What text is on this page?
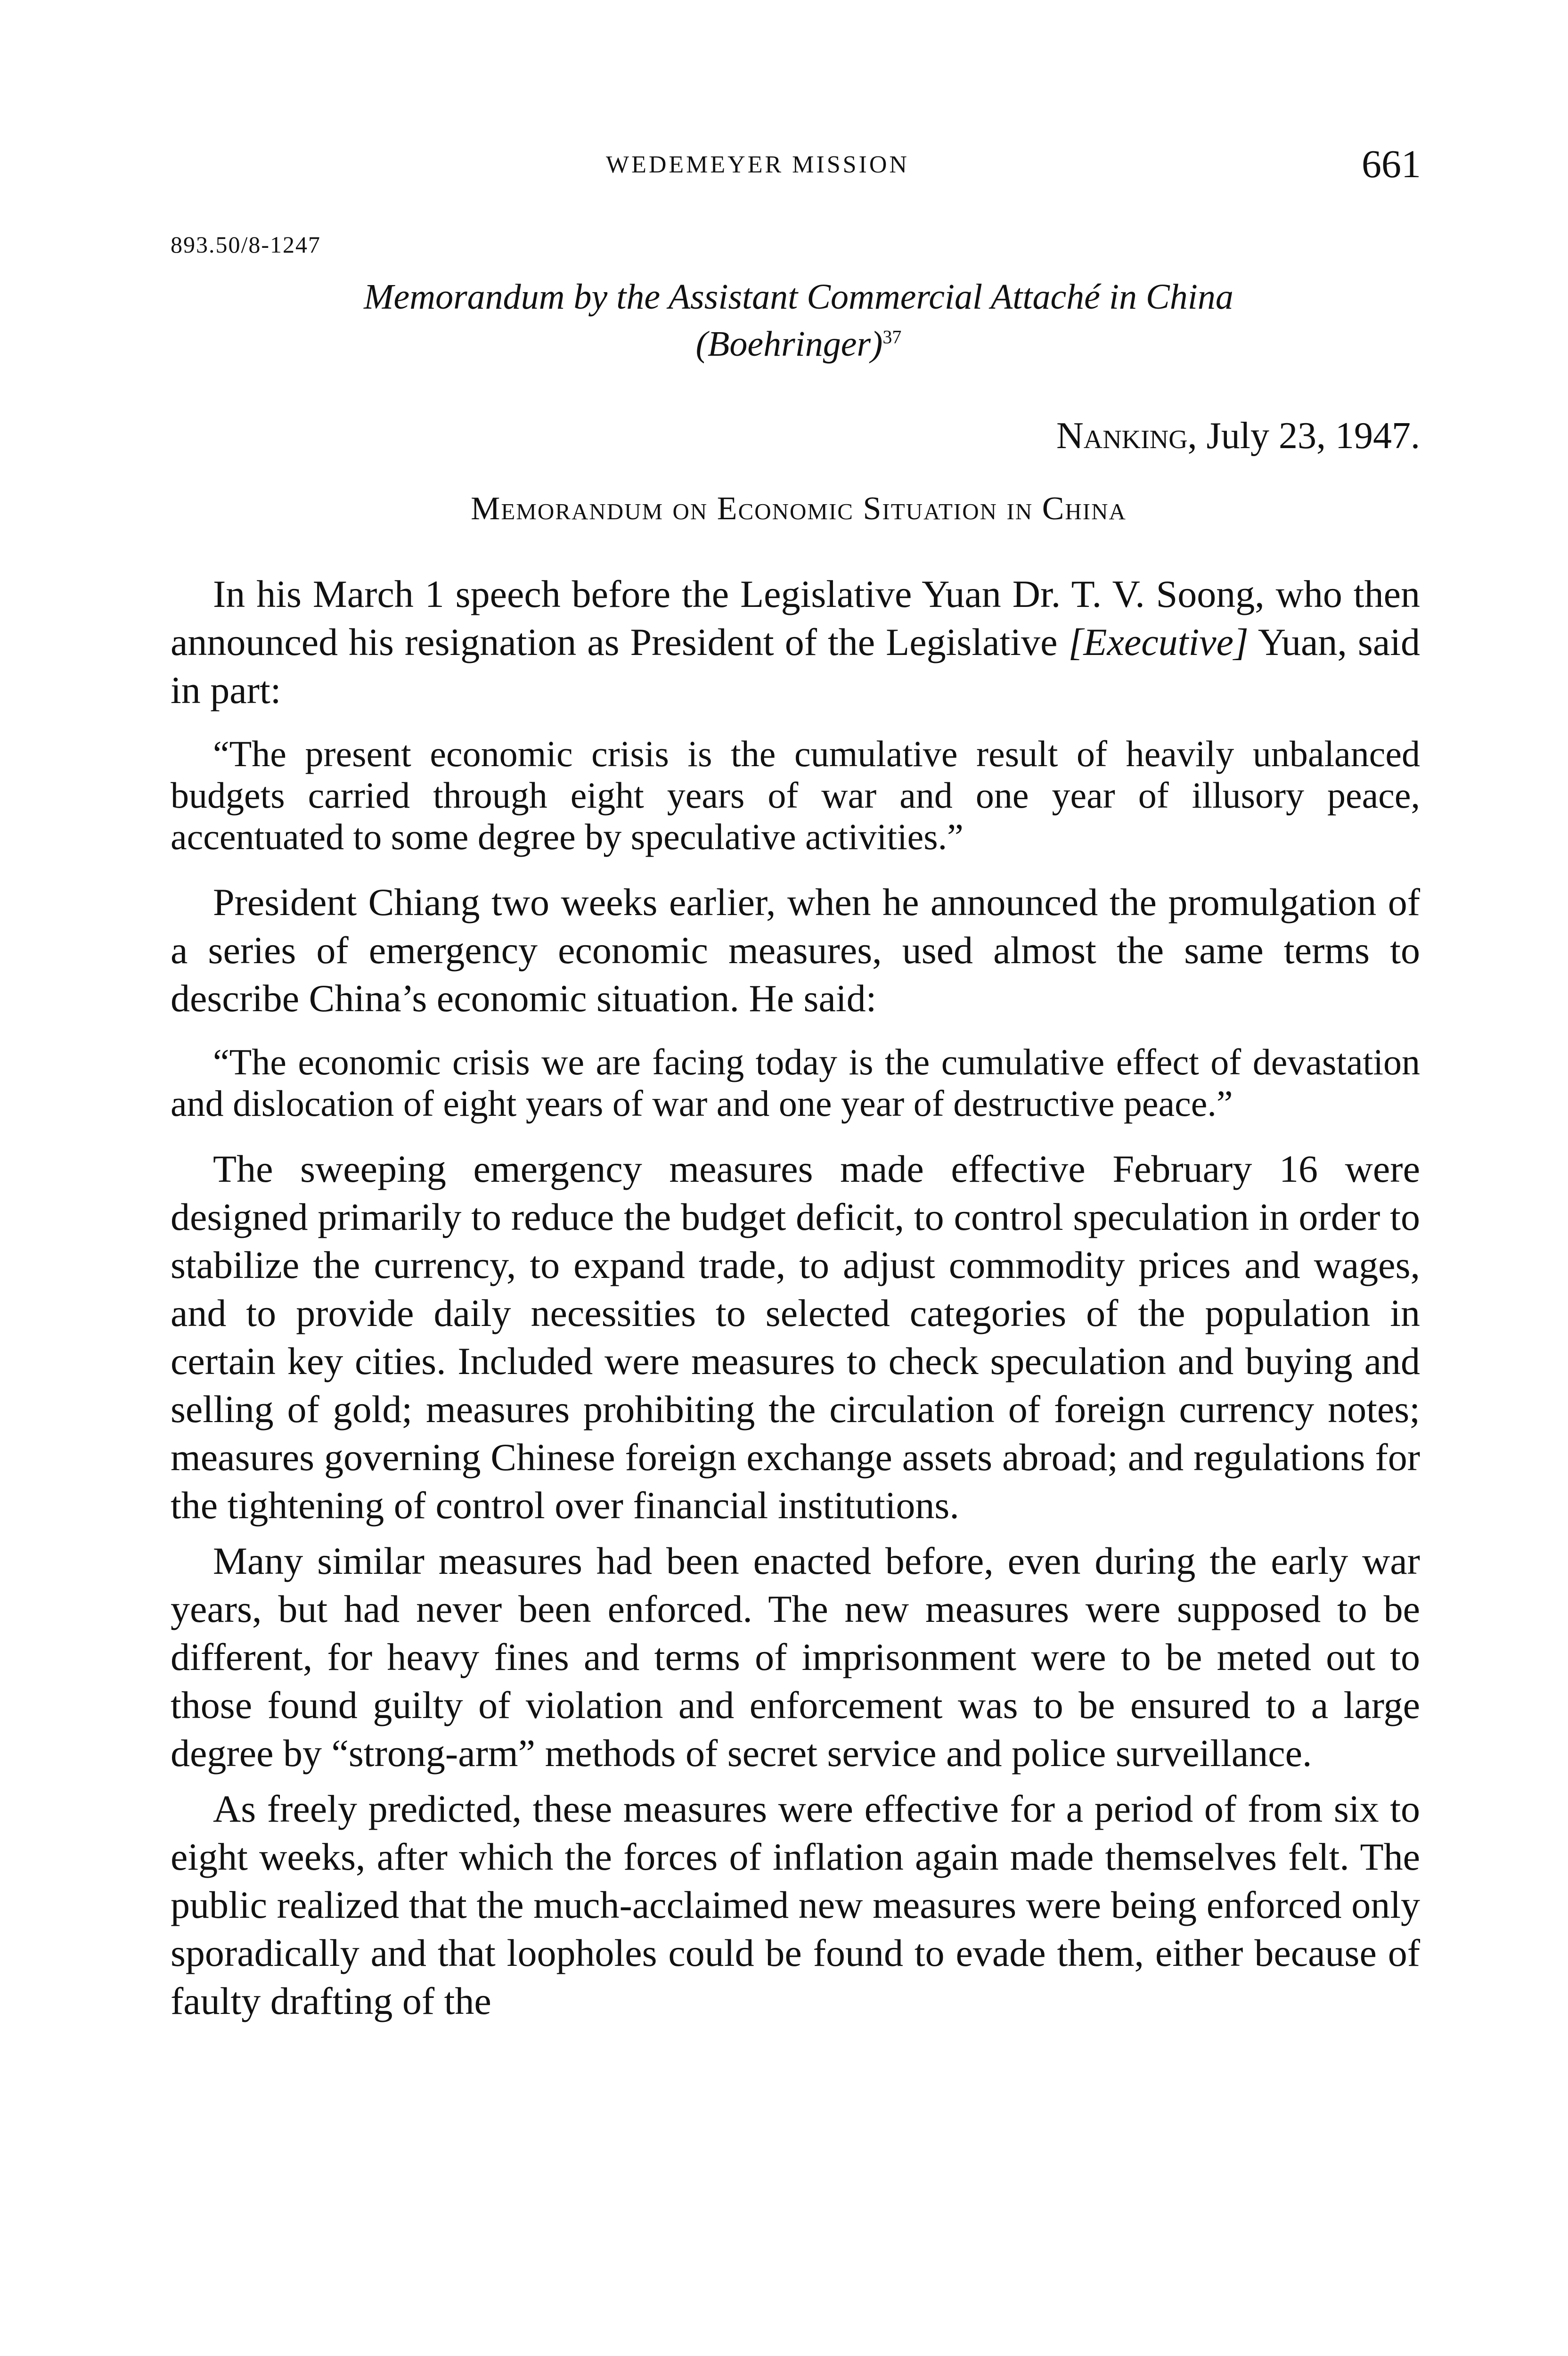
WEDEMEYER MISSION	661
893.50/8-1247
Memorandum by the Assistant Commercial Attaché in China
(Boehringer)$^{37}$
Nanking, July 23, 1947.
Memorandum on Economic Situation in China

In his March 1 speech before the Legislative Yuan Dr. T. V. Soong, who then announced his resignation as President of the Legislative [Executive] Yuan, said in part:

“The present economic crisis is the cumulative result of heavily unbalanced budgets carried through eight years of war and one year of illusory peace, accentuated to some degree by speculative activities.”

President Chiang two weeks earlier, when he announced the promulgation of a series of emergency economic measures, used almost the same terms to describe China’s economic situation. He said:

“The economic crisis we are facing today is the cumulative effect of devastation and dislocation of eight years of war and one year of destructive peace.”

The sweeping emergency measures made effective February 16 were designed primarily to reduce the budget deficit, to control speculation in order to stabilize the currency, to expand trade, to adjust commodity prices and wages, and to provide daily necessities to selected categories of the population in certain key cities. Included were measures to check speculation and buying and selling of gold; measures prohibiting the circulation of foreign currency notes; measures governing Chinese foreign exchange assets abroad; and regulations for the tightening of control over financial institutions.

Many similar measures had been enacted before, even during the early war years, but had never been enforced. The new measures were supposed to be different, for heavy fines and terms of imprisonment were to be meted out to those found guilty of violation and enforcement was to be ensured to a large degree by “strong-arm” methods of secret service and police surveillance.

As freely predicted, these measures were effective for a period of from six to eight weeks, after which the forces of inflation again made themselves felt. The public realized that the much-acclaimed new measures were being enforced only sporadically and that loopholes could be found to evade them, either because of faulty drafting of the
